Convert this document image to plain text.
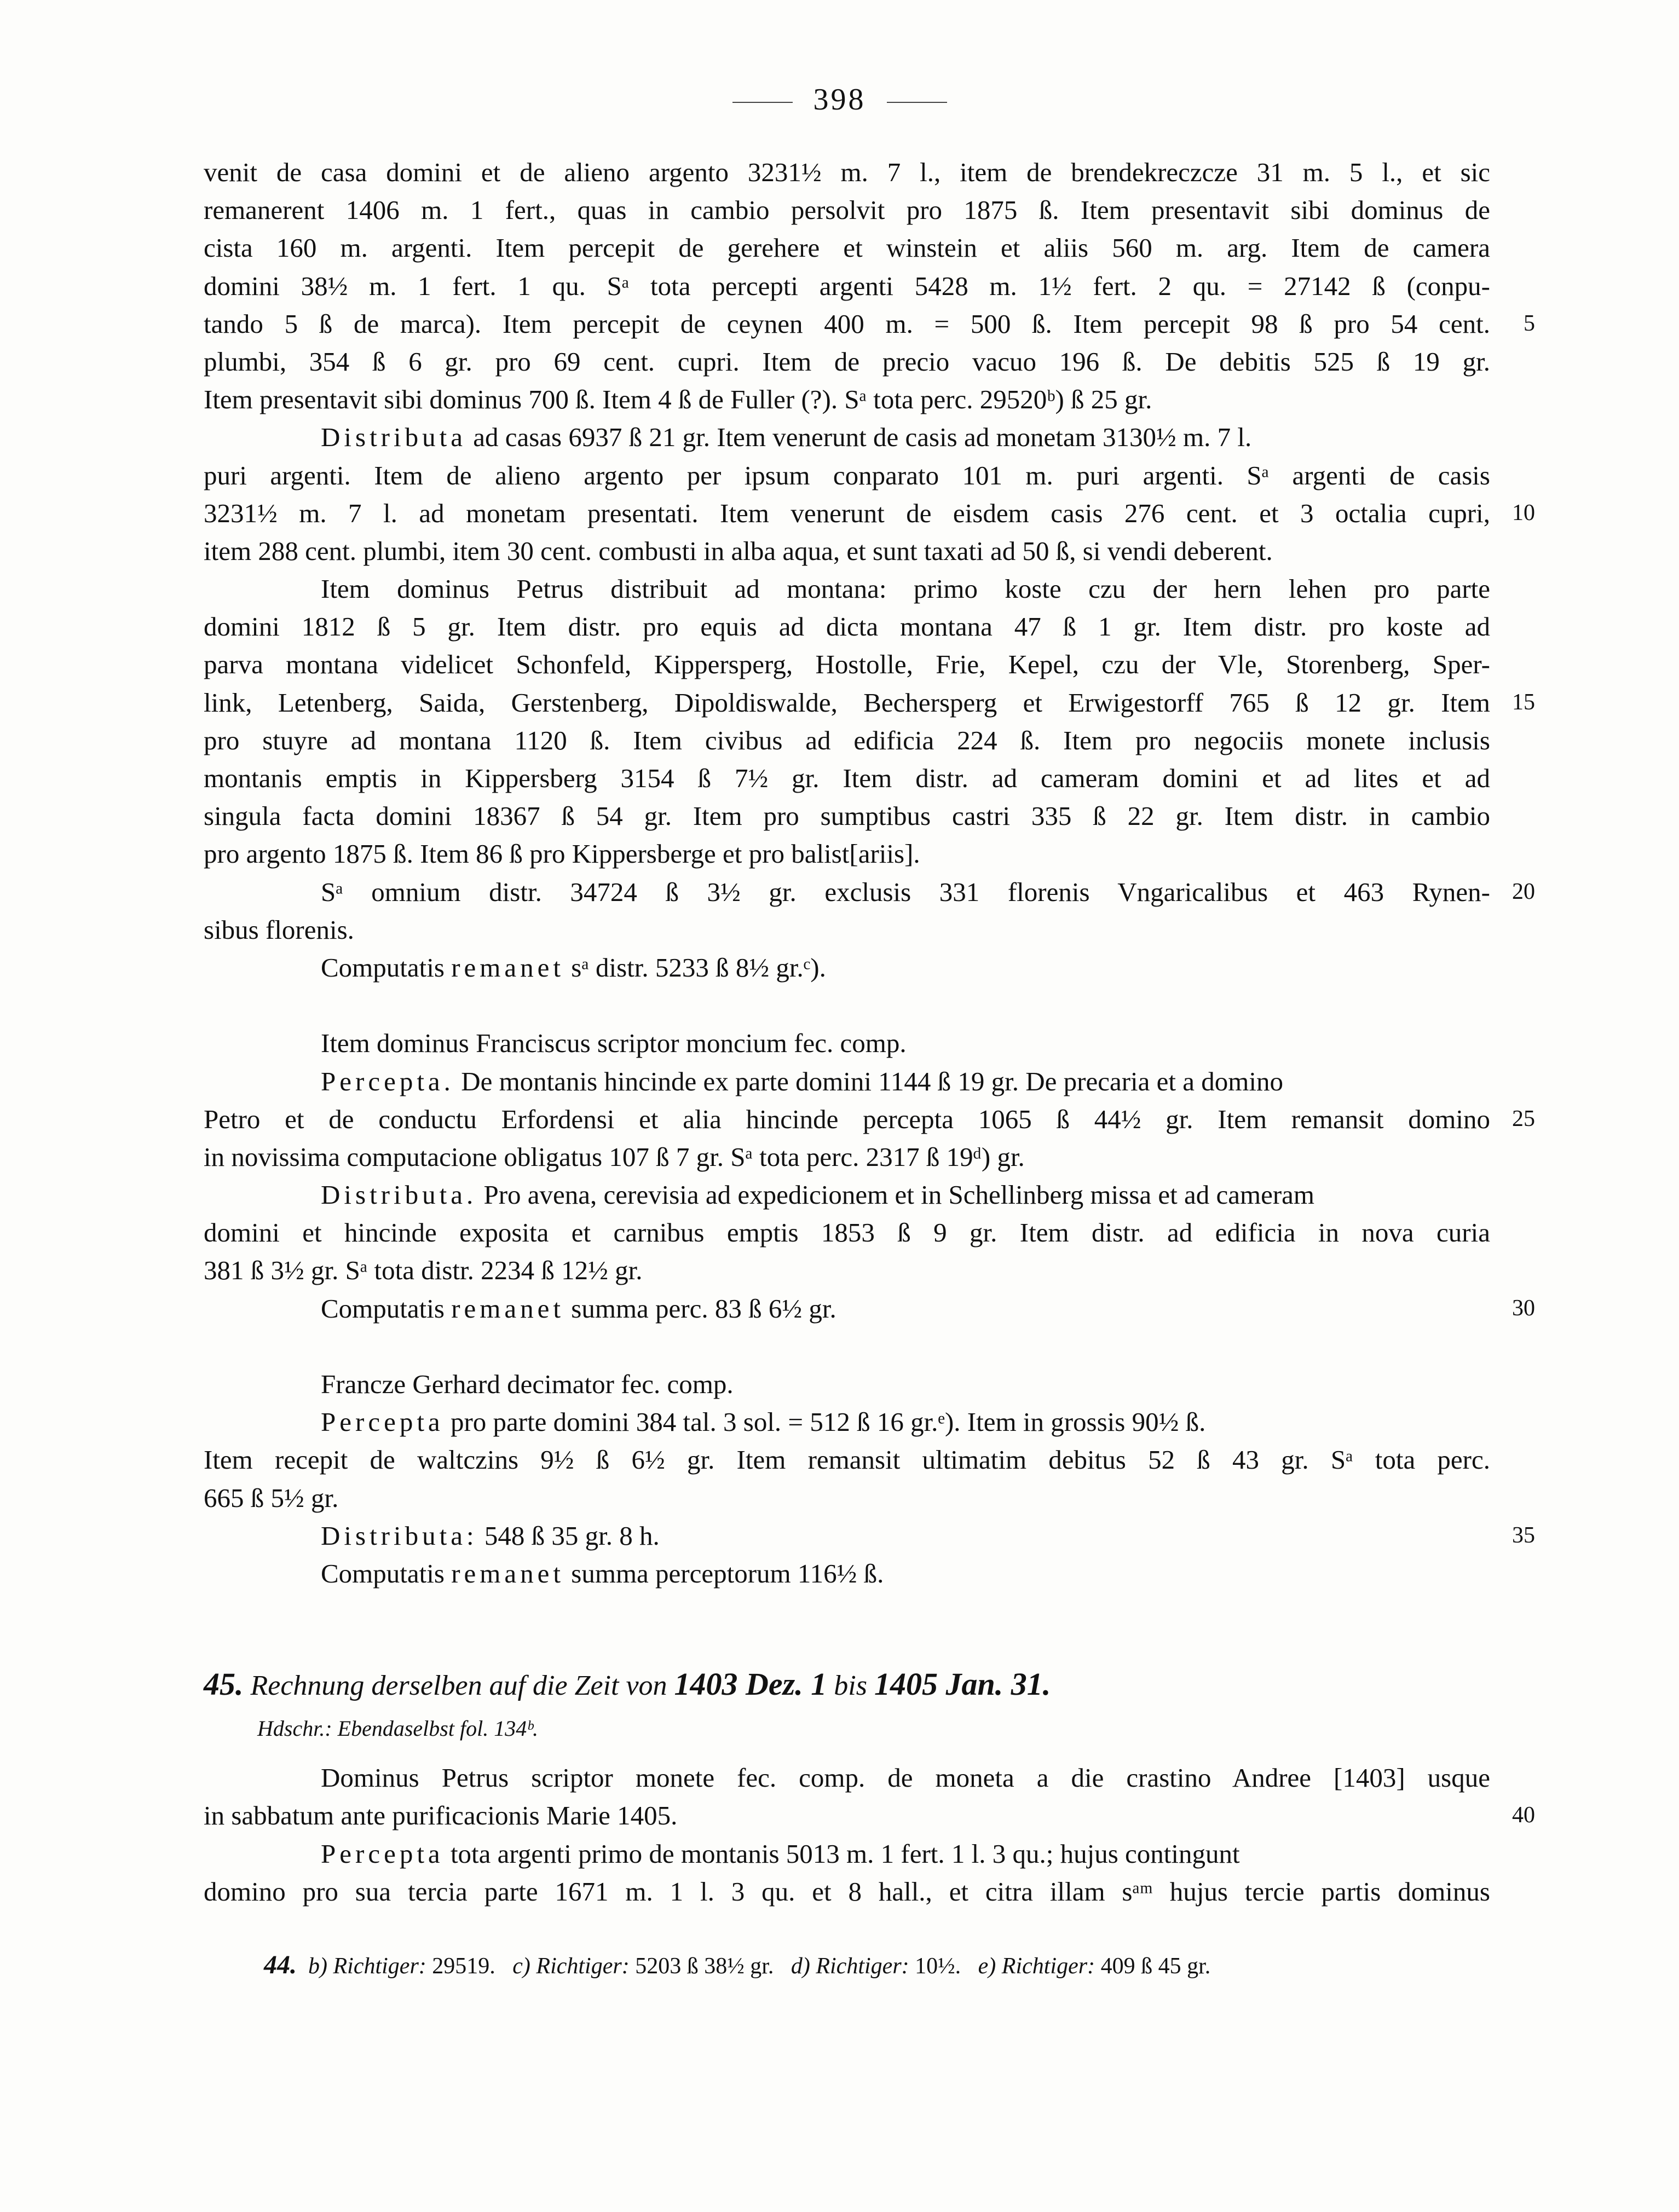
398
venit de casa domini et de alieno argento 3231½ m. 7 l., item de brendekreczcze 31 m. 5 l., et sic
remanerent 1406 m. 1 fert., quas in cambio persolvit pro 1875 ß. Item presentavit sibi dominus de
cista 160 m. argenti. Item percepit de gerehere et winstein et aliis 560 m. arg. Item de camera
domini 38½ m. 1 fert. 1 qu. Sᵃ tota percepti argenti 5428 m. 1½ fert. 2 qu. = 27142 ß (conpu-
tando 5 ß de marca). Item percepit de ceynen 400 m. = 500 ß. Item percepit 98 ß pro 54 cent. 5
plumbi, 354 ß 6 gr. pro 69 cent. cupri. Item de precio vacuo 196 ß. De debitis 525 ß 19 gr.
Item presentavit sibi dominus 700 ß. Item 4 ß de Fuller (?). Sᵃ tota perc. 29520ᵇ) ß 25 gr.
Distributa ad casas 6937 ß 21 gr. Item venerunt de casis ad monetam 3130½ m. 7 l.
puri argenti. Item de alieno argento per ipsum conparato 101 m. puri argenti. Sᵃ argenti de casis
3231½ m. 7 l. ad monetam presentati. Item venerunt de eisdem casis 276 cent. et 3 octalia cupri, 10
item 288 cent. plumbi, item 30 cent. combusti in alba aqua, et sunt taxati ad 50 ß, si vendi deberent.
Item dominus Petrus distribuit ad montana: primo koste czu der hern lehen pro parte
domini 1812 ß 5 gr. Item distr. pro equis ad dicta montana 47 ß 1 gr. Item distr. pro koste ad
parva montana videlicet Schonfeld, Kippersperg, Hostolle, Frie, Kepel, czu der Vle, Storenberg, Sper-
link, Letenberg, Saida, Gerstenberg, Dipoldiswalde, Bechersperg et Erwigestorff 765 ß 12 gr. Item 15
pro stuyre ad montana 1120 ß. Item civibus ad edificia 224 ß. Item pro negociis monete inclusis
montanis emptis in Kippersberg 3154 ß 7½ gr. Item distr. ad cameram domini et ad lites et ad
singula facta domini 18367 ß 54 gr. Item pro sumptibus castri 335 ß 22 gr. Item distr. in cambio
pro argento 1875 ß. Item 86 ß pro Kippersberge et pro balist[ariis].
Sᵃ omnium distr. 34724 ß 3½ gr. exclusis 331 florenis Vngaricalibus et 463 Rynen- 20
sibus florenis.
Computatis remanet sᵃ distr. 5233 ß 8½ gr.ᶜ).
Item dominus Franciscus scriptor moncium fec. comp.
Percepta. De montanis hincinde ex parte domini 1144 ß 19 gr. De precaria et a domino
Petro et de conductu Erfordensi et alia hincinde percepta 1065 ß 44½ gr. Item remansit domino 25
in novissima computacione obligatus 107 ß 7 gr. Sᵃ tota perc. 2317 ß 19ᵈ) gr.
Distributa. Pro avena, cerevisia ad expedicionem et in Schellinberg missa et ad cameram
domini et hincinde exposita et carnibus emptis 1853 ß 9 gr. Item distr. ad edificia in nova curia
381 ß 3½ gr. Sᵃ tota distr. 2234 ß 12½ gr.
Computatis remanet summa perc. 83 ß 6½ gr.	30
Francze Gerhard decimator fec. comp.
Percepta pro parte domini 384 tal. 3 sol. = 512 ß 16 gr.ᵉ). Item in grossis 90½ ß.
Item recepit de waltczins 9½ ß 6½ gr. Item remansit ultimatim debitus 52 ß 43 gr. Sᵃ tota perc.
665 ß 5½ gr.
Distributa: 548 ß 35 gr. 8 h.	35
Computatis remanet summa perceptorum 116½ ß.
45. Rechnung derselben auf die Zeit von 1403 Dez. 1 bis 1405 Jan. 31.
Hdschr.: Ebendaselbst fol. 134ᵇ.
Dominus Petrus scriptor monete fec. comp. de moneta a die crastino Andree [1403] usque
in sabbatum ante purificacionis Marie 1405.	40
Percepta tota argenti primo de montanis 5013 m. 1 fert. 1 l. 3 qu.; hujus contingunt
domino pro sua tercia parte 1671 m. 1 l. 3 qu. et 8 hall., et citra illam sᵃᵐ hujus tercie partis dominus
44. b) Richtiger: 29519. c) Richtiger: 5203 ß 38½ gr. d) Richtiger: 10½. e) Richtiger: 409 ß 45 gr.
